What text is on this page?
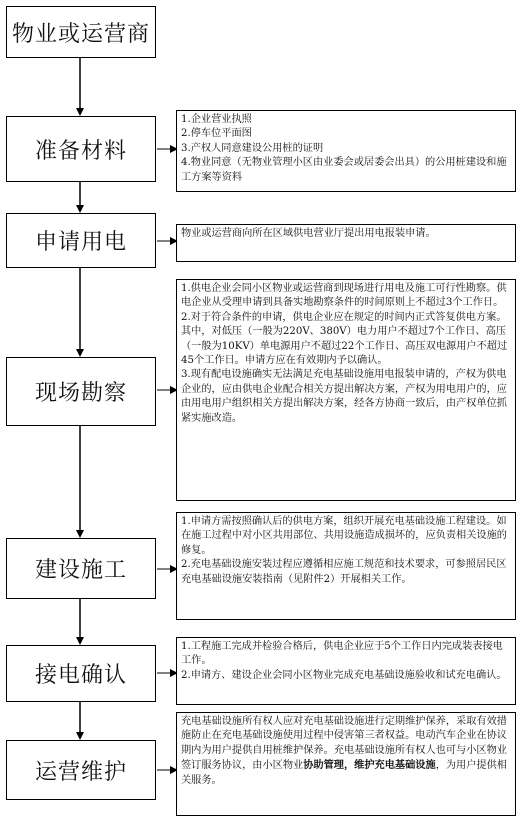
物业或运营商
准备材料
申请用电
现场勘察
建设施工
接电确认
运营维护

1.企业营业执照

2.停车位平面图

3.产权人同意建设公用桩的证明

4.物业同意（无物业管理小区由业委会或居委会出具）的公用桩建设和施工方案等资料

物业或运营商向所在区域供电营业厅提出用电报装申请。

1.供电企业会同小区物业或运营商到现场进行用电及施工可行性勘察。供电企业从受理申请到具备实地勘察条件的时间原则上不超过3个工作日。

2.对于符合条件的申请，供电企业应在规定的时间内正式答复供电方案。其中，对低压（一般为220V、380V）电力用户不超过7个工作日、高压（一般为10KV）单电源用户不超过22个工作日、高压双电源用户不超过45个工作日。申请方应在有效期内予以确认。

3.现有配电设施确实无法满足充电基础设施用电报装申请的，产权为供电企业的，应由供电企业配合相关方提出解决方案，产权为用电用户的，应由用电用户组织相关方提出解决方案，经各方协商一致后，由产权单位抓紧实施改造。

1.申请方需按照确认后的供电方案，组织开展充电基础设施工程建设。如在施工过程中对小区共用部位、共用设施造成损坏的，应负责相关设施的修复。

2.充电基础设施安装过程应遵循相应施工规范和技术要求，可参照居民区充电基础设施安装指南（见附件2）开展相关工作。

1.工程施工完成并检验合格后，供电企业应于5个工作日内完成装表接电工作。

2.申请方、建设企业会同小区物业完成充电基础设施验收和试充电确认。

充电基础设施所有权人应对充电基础设施进行定期维护保养，采取有效措施防止在充电基础设施使用过程中侵害第三者权益。电动汽车企业在协议期内为用户提供自用桩维护保养。充电基础设施所有权人也可与小区物业签订服务协议，由小区物业协助管理，维护充电基础设施，为用户提供相关服务。
